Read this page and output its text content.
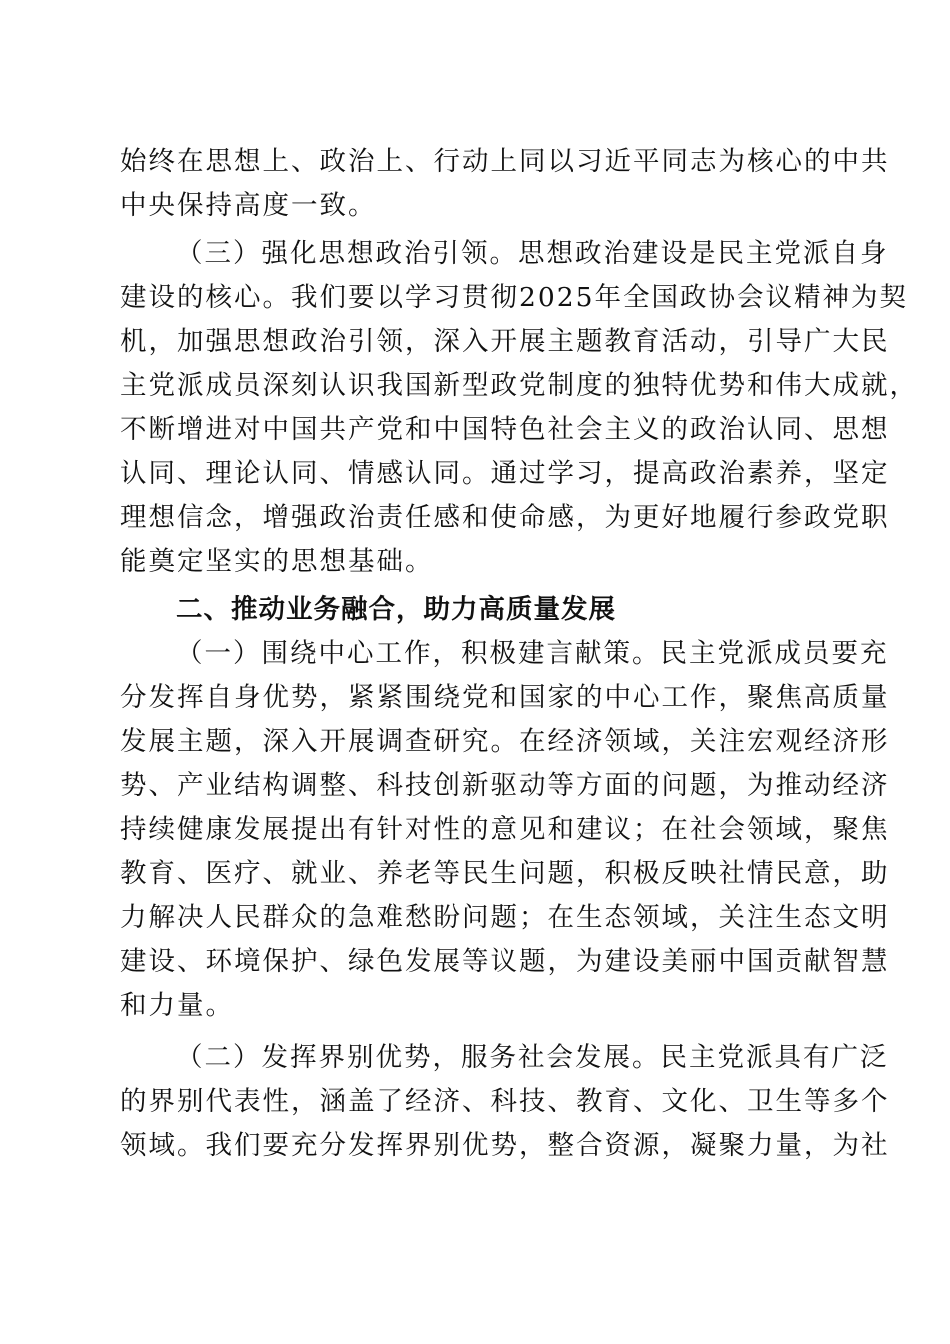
始终在思想上、政治上、行动上同以习近平同志为核心的中共
中央保持高度一致。
（三）强化思想政治引领。思想政治建设是民主党派自身
建设的核心。我们要以学习贯彻2025年全国政协会议精神为契
机，加强思想政治引领，深入开展主题教育活动，引导广大民
主党派成员深刻认识我国新型政党制度的独特优势和伟大成就，
不断增进对中国共产党和中国特色社会主义的政治认同、思想
认同、理论认同、情感认同。通过学习，提高政治素养，坚定
理想信念，增强政治责任感和使命感，为更好地履行参政党职
能奠定坚实的思想基础。
二、推动业务融合，助力高质量发展
（一）围绕中心工作，积极建言献策。民主党派成员要充
分发挥自身优势，紧紧围绕党和国家的中心工作，聚焦高质量
发展主题，深入开展调查研究。在经济领域，关注宏观经济形
势、产业结构调整、科技创新驱动等方面的问题，为推动经济
持续健康发展提出有针对性的意见和建议；在社会领域，聚焦
教育、医疗、就业、养老等民生问题，积极反映社情民意，助
力解决人民群众的急难愁盼问题；在生态领域，关注生态文明
建设、环境保护、绿色发展等议题，为建设美丽中国贡献智慧
和力量。
（二）发挥界别优势，服务社会发展。民主党派具有广泛
的界别代表性，涵盖了经济、科技、教育、文化、卫生等多个
领域。我们要充分发挥界别优势，整合资源，凝聚力量，为社
